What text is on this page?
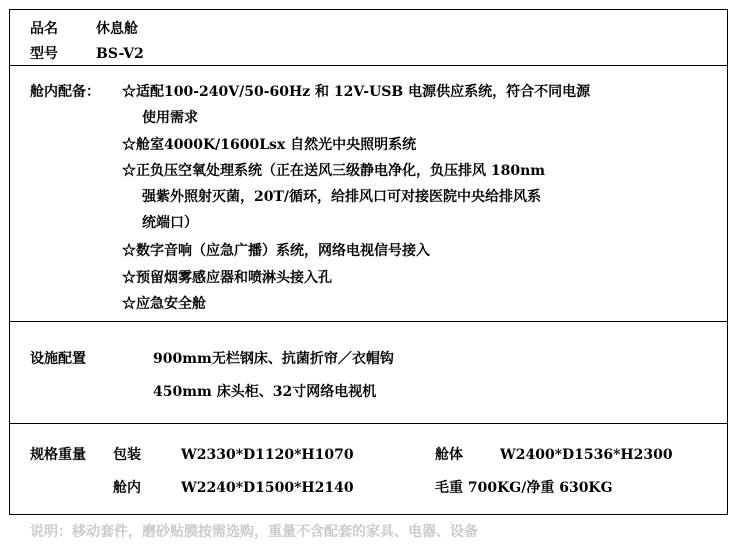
品名	休息舱
型号	BS-V2
舱内配备： ☆适配100-240V/50-60Hz 和 12V-USB 电源供应系统，符合不同电源
使用需求
☆舱室4000K/1600Lsx 自然光中央照明系统
☆正负压空氧处理系统（正在送风三级静电净化，负压排风 180nm
强紫外照射灭菌，20T/循环，给排风口可对接医院中央给排风系
统端口）
☆数字音响（应急广播）系统，网络电视信号接入
☆预留烟雾感应器和喷淋头接入孔
☆应急安全舱
设施配置	900mm无栏钢床、抗菌折帘／衣帽钩
450mm 床头柜、32寸网络电视机
规格重量 包装	W2330*D1120*H1070	舱体	W2400*D1536*H2300
舱内	W2240*D1500*H2140	毛重 700KG/净重 630KG
说明：移动套件，磨砂贴膜按需选购，重量不含配套的家具、电器、设备
